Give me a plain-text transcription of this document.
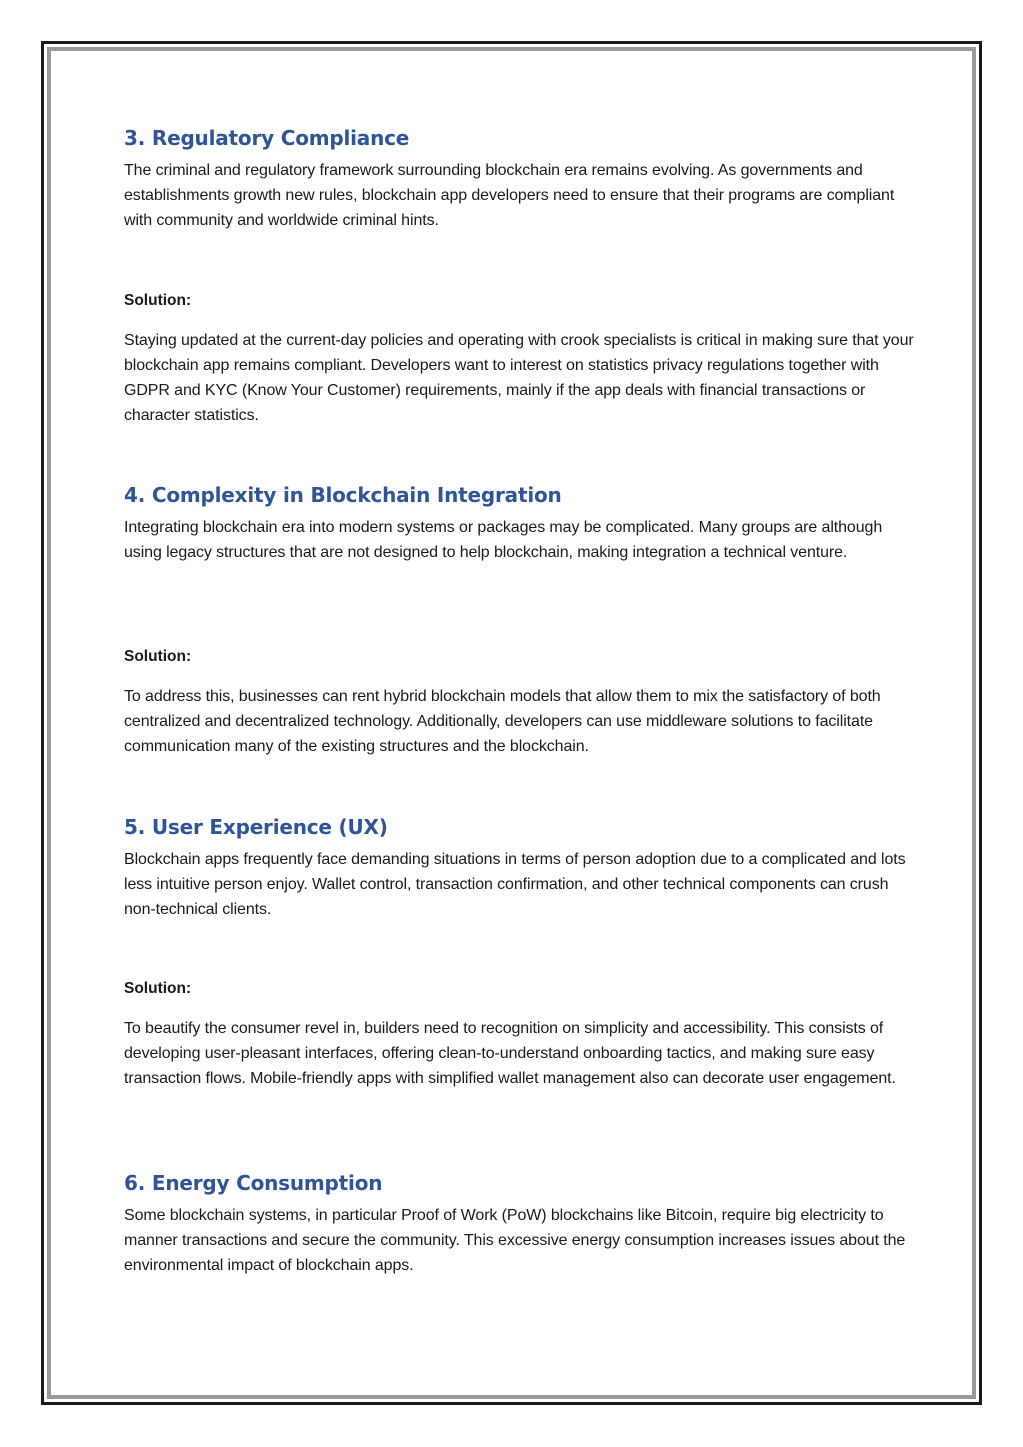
3. Regulatory Compliance

The criminal and regulatory framework surrounding blockchain era remains evolving. As governments and establishments growth new rules, blockchain app developers need to ensure that their programs are compliant with community and worldwide criminal hints.

Solution:

Staying updated at the current-day policies and operating with crook specialists is critical in making sure that your blockchain app remains compliant. Developers want to interest on statistics privacy regulations together with GDPR and KYC (Know Your Customer) requirements, mainly if the app deals with financial transactions or character statistics.

4. Complexity in Blockchain Integration

Integrating blockchain era into modern systems or packages may be complicated. Many groups are although using legacy structures that are not designed to help blockchain, making integration a technical venture.

Solution:

To address this, businesses can rent hybrid blockchain models that allow them to mix the satisfactory of both centralized and decentralized technology. Additionally, developers can use middleware solutions to facilitate communication many of the existing structures and the blockchain.

5. User Experience (UX)

Blockchain apps frequently face demanding situations in terms of person adoption due to a complicated and lots less intuitive person enjoy. Wallet control, transaction confirmation, and other technical components can crush non-technical clients.

Solution:

To beautify the consumer revel in, builders need to recognition on simplicity and accessibility. This consists of developing user-pleasant interfaces, offering clean-to-understand onboarding tactics, and making sure easy transaction flows. Mobile-friendly apps with simplified wallet management also can decorate user engagement.

6. Energy Consumption

Some blockchain systems, in particular Proof of Work (PoW) blockchains like Bitcoin, require big electricity to manner transactions and secure the community. This excessive energy consumption increases issues about the environmental impact of blockchain apps.
